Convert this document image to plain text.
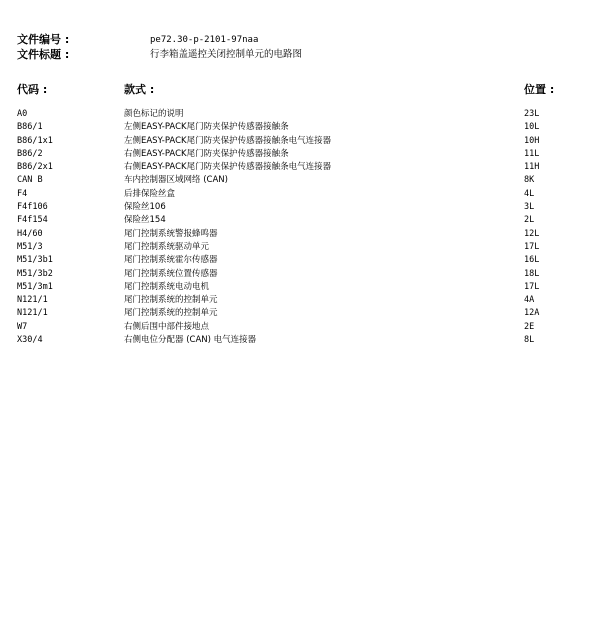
文件编号 :	pe72.30-p-2101-97naa
文件标题 :	行李箱盖遥控关闭控制单元的电路图
代码 :	款式 :	位置 :
A0	颜色标记的说明	23L
B86/1	左侧EASY-PACK尾门防夹保护传感器接触条	10L
B86/1x1	左侧EASY-PACK尾门防夹保护传感器接触条电气连接器	10H
B86/2	右侧EASY-PACK尾门防夹保护传感器接触条	11L
B86/2x1	右侧EASY-PACK尾门防夹保护传感器接触条电气连接器	11H
CAN B	车内控制器区域网络 (CAN)	8K
F4	后排保险丝盒	4L
F4f106	保险丝106	3L
F4f154	保险丝154	2L
H4/60	尾门控制系统警报蜂鸣器	12L
M51/3	尾门控制系统驱动单元	17L
M51/3b1	尾门控制系统霍尔传感器	16L
M51/3b2	尾门控制系统位置传感器	18L
M51/3m1	尾门控制系统电动电机	17L
N121/1	尾门控制系统的控制单元	4A
N121/1	尾门控制系统的控制单元	12A
W7	右侧后围中部件接地点	2E
X30/4	右侧电位分配器 (CAN) 电气连接器	8L
